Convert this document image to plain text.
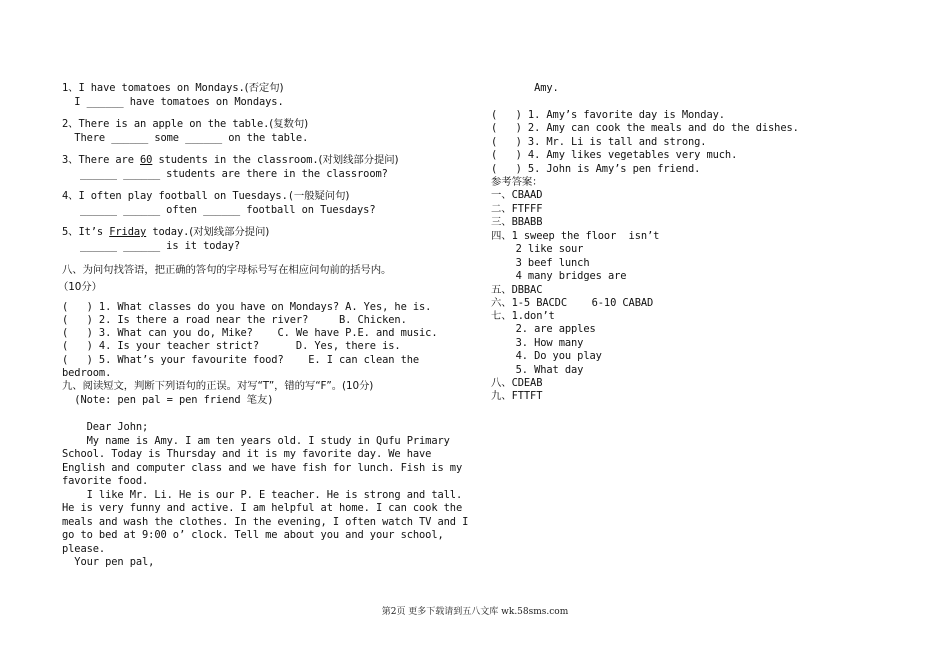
1、I have tomatoes on Mondays.(否定句)
I ______ have tomatoes on Mondays.
2、There is an apple on the table.(复数句)
There ______ some ______ on the table.
3、There are 60 students in the classroom.(对划线部分提问)
______ ______ students are there in the classroom?
4、I often play football on Tuesdays.(一般疑问句)
______ ______ often ______ football on Tuesdays?
5、It’s Friday today.(对划线部分提问)
______ ______ is it today?
八、为问句找答语，把正确的答句的字母标号写在相应问句前的括号内。
（10分）
(   ) 1. What classes do you have on Mondays? A. Yes, he is.
(   ) 2. Is there a road near the river?     B. Chicken.
(   ) 3. What can you do, Mike?    C. We have P.E. and music.
(   ) 4. Is your teacher strict?      D. Yes, there is.
(   ) 5. What’s your favourite food?    E. I can clean the
bedroom.
九、阅读短文，判断下列语句的正误。对写“T”，错的写“F”。(10分)
(Note: pen pal = pen friend 笔友)
Dear John;
My name is Amy. I am ten years old. I study in Qufu Primary
School. Today is Thursday and it is my favorite day. We have
English and computer class and we have fish for lunch. Fish is my
favorite food.
I like Mr. Li. He is our P. E teacher. He is strong and tall.
He is very funny and active. I am helpful at home. I can cook the
meals and wash the clothes. In the evening, I often watch TV and I
go to bed at 9:00 o’ clock. Tell me about you and your school,
please.
Your pen pal,
Amy.
(   ) 1. Amy’s favorite day is Monday.
(   ) 2. Amy can cook the meals and do the dishes.
(   ) 3. Mr. Li is tall and strong.
(   ) 4. Amy likes vegetables very much.
(   ) 5. John is Amy’s pen friend.
参考答案：
一、CBAAD
二、FTFFF
三、BBABB
四、1 sweep the floor  isn’t
2 like sour
3 beef lunch
4 many bridges are
五、DBBAC
六、1-5 BACDC    6-10 CABAD
七、1.don’t
2. are apples
3. How many
4. Do you play
5. What day
八、CDEAB
九、FTTFT
第2页 更多下载请到五八文库 wk.58sms.com
